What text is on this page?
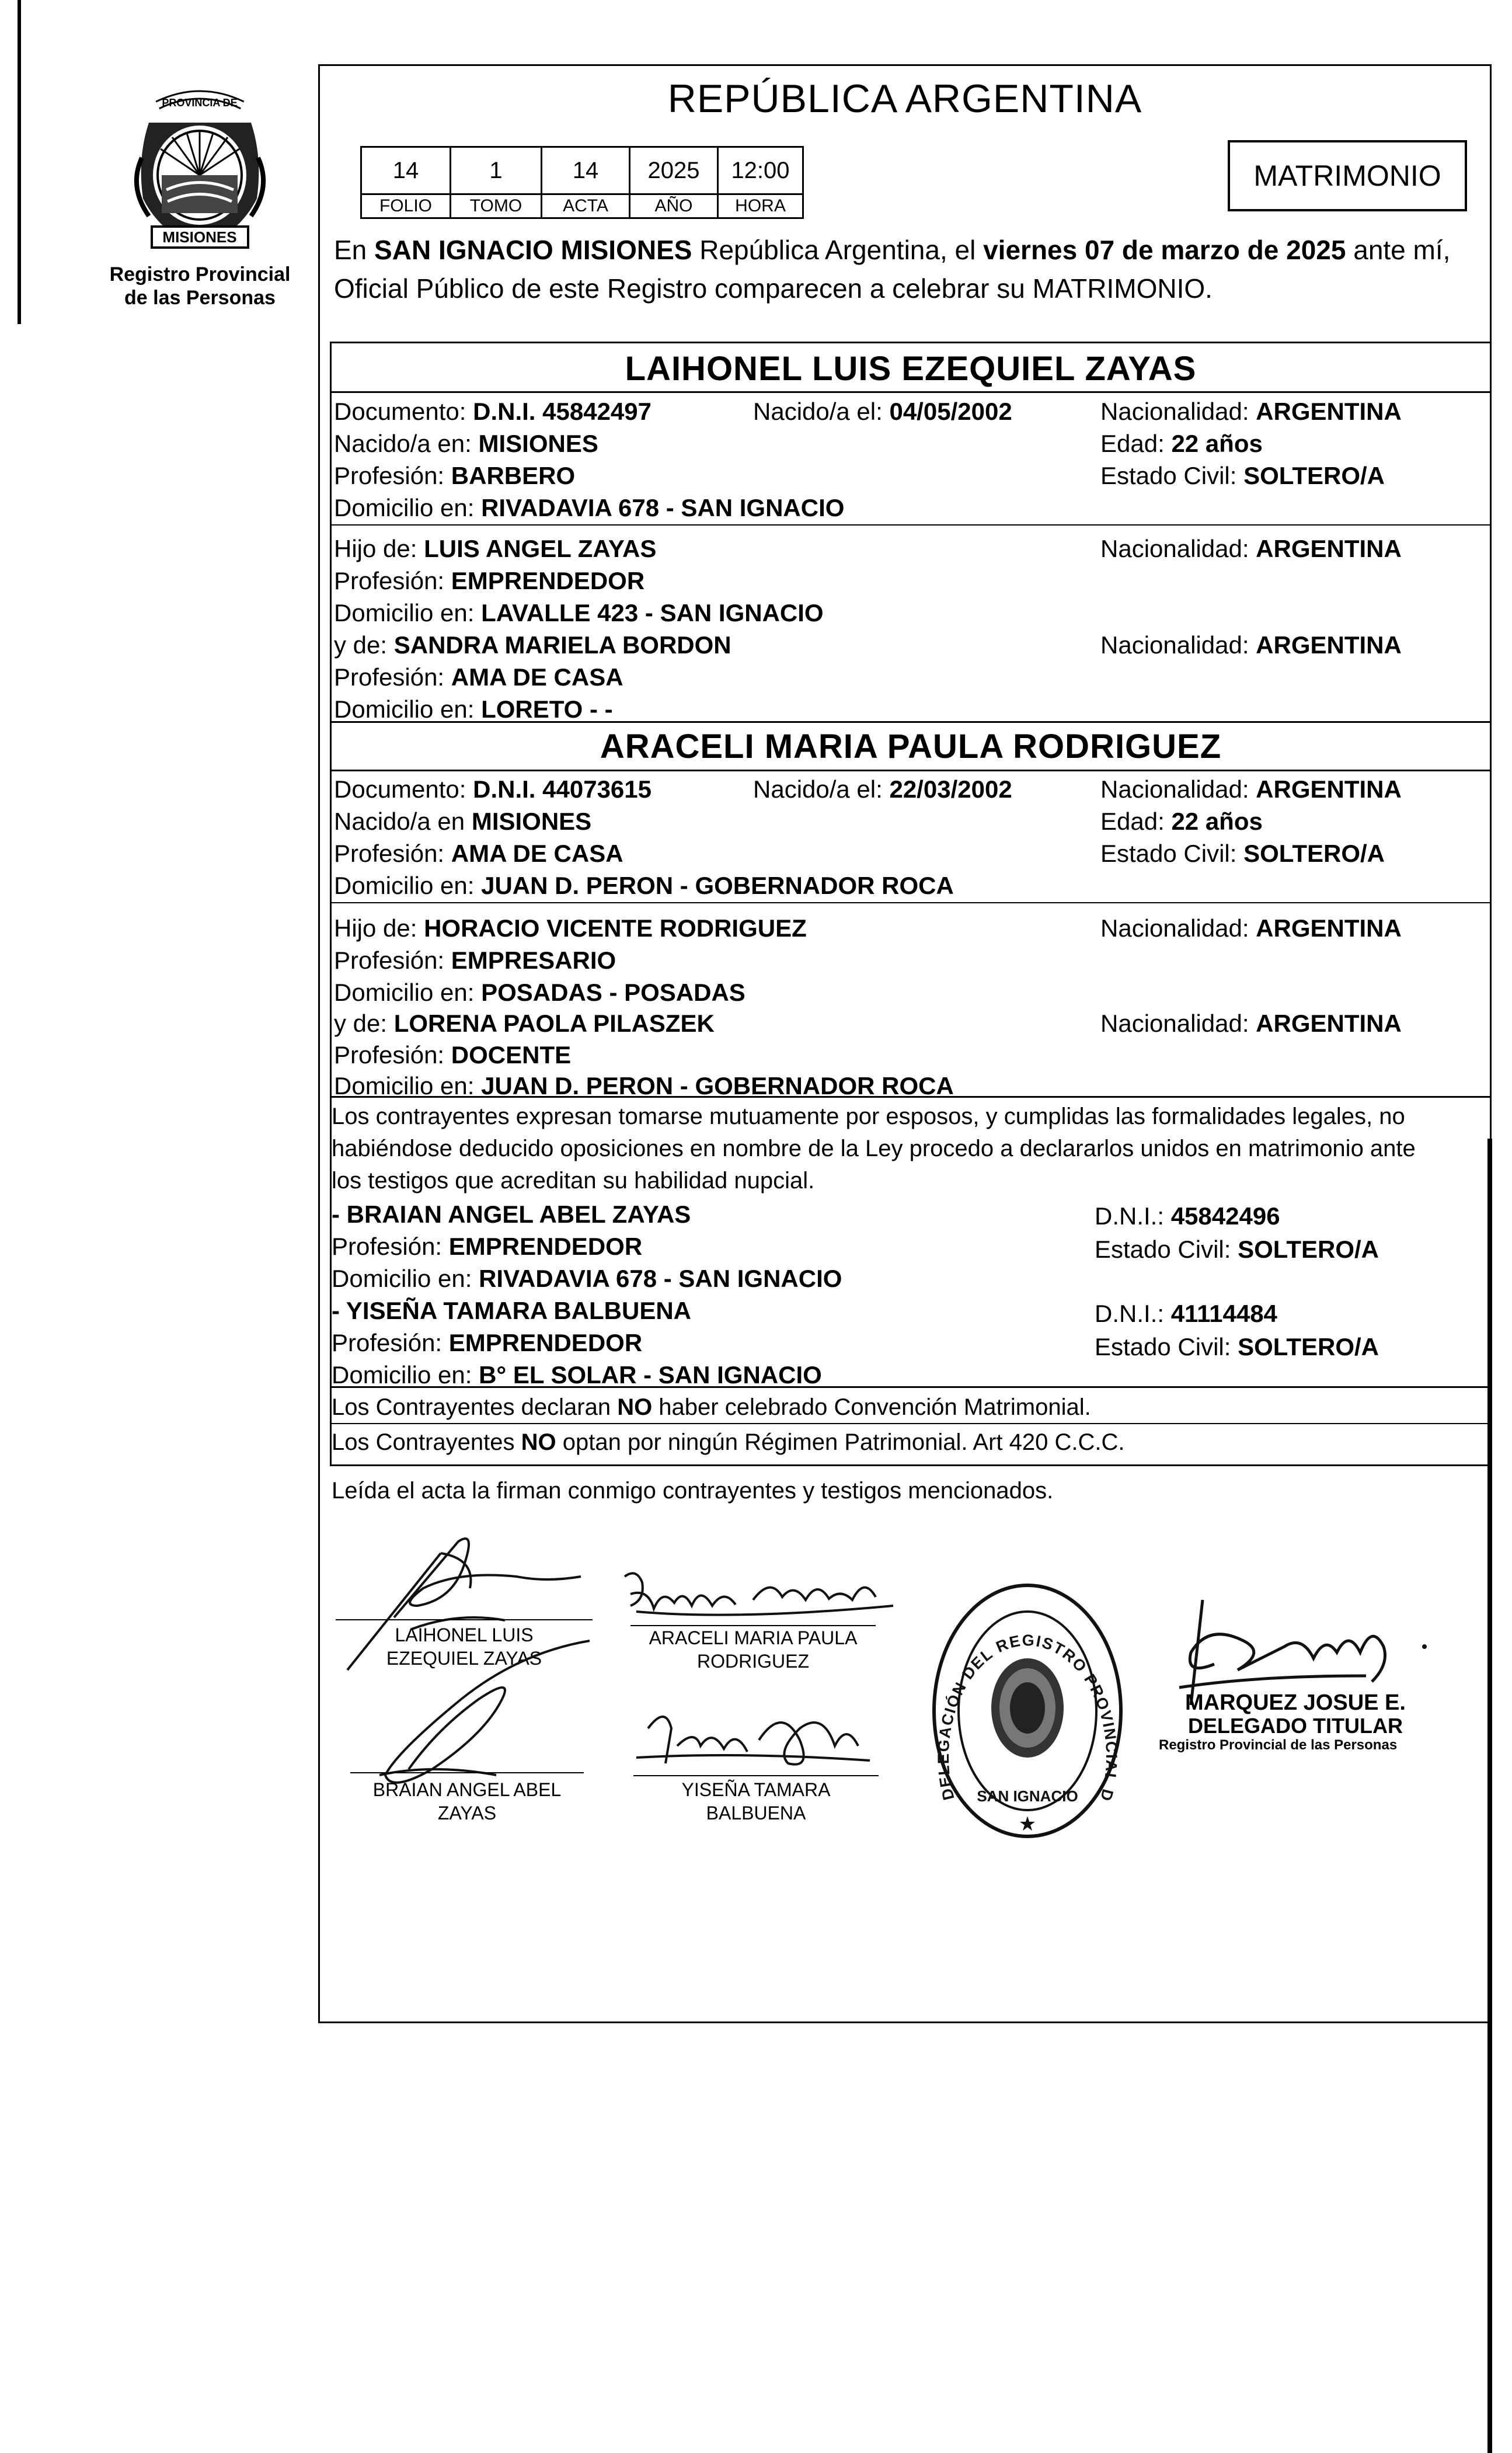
MISIONES
PROVINCIA DE
Registro Provincial
de las Personas
REPÚBLICA ARGENTINA
14	1	14	2025	12:00
FOLIO	TOMO	ACTA	AÑO	HORA
MATRIMONIO
En SAN IGNACIO MISIONES República Argentina, el viernes 07 de marzo de 2025 ante mí,
Oficial Público de este Registro comparecen a celebrar su MATRIMONIO.
LAIHONEL LUIS EZEQUIEL ZAYAS
Documento: D.N.I. 45842497	Nacido/a el: 04/05/2002	Nacionalidad: ARGENTINA
Nacido/a en: MISIONES	Edad: 22 años
Profesión: BARBERO	Estado Civil: SOLTERO/A
Domicilio en: RIVADAVIA 678 - SAN IGNACIO
Hijo de: LUIS ANGEL ZAYAS	Nacionalidad: ARGENTINA
Profesión: EMPRENDEDOR
Domicilio en: LAVALLE 423 - SAN IGNACIO
y de: SANDRA MARIELA BORDON	Nacionalidad: ARGENTINA
Profesión: AMA DE CASA
Domicilio en: LORETO - -
ARACELI MARIA PAULA RODRIGUEZ
Documento: D.N.I. 44073615	Nacido/a el: 22/03/2002	Nacionalidad: ARGENTINA
Nacido/a en MISIONES	Edad: 22 años
Profesión: AMA DE CASA	Estado Civil: SOLTERO/A
Domicilio en: JUAN D. PERON - GOBERNADOR ROCA
Hijo de: HORACIO VICENTE RODRIGUEZ	Nacionalidad: ARGENTINA
Profesión: EMPRESARIO
Domicilio en: POSADAS - POSADAS
y de: LORENA PAOLA PILASZEK	Nacionalidad: ARGENTINA
Profesión: DOCENTE
Domicilio en: JUAN D. PERON - GOBERNADOR ROCA
Los contrayentes expresan tomarse mutuamente por esposos, y cumplidas las formalidades legales, no
habiéndose deducido oposiciones en nombre de la Ley procedo a declararlos unidos en matrimonio ante
los testigos que acreditan su habilidad nupcial.
- BRAIAN ANGEL ABEL ZAYAS	D.N.I.: 45842496
Profesión: EMPRENDEDOR	Estado Civil: SOLTERO/A
Domicilio en: RIVADAVIA 678 - SAN IGNACIO
- YISEÑA TAMARA BALBUENA	D.N.I.: 41114484
Profesión: EMPRENDEDOR	Estado Civil: SOLTERO/A
Domicilio en: B° EL SOLAR - SAN IGNACIO
Los Contrayentes declaran NO haber celebrado Convención Matrimonial.
Los Contrayentes NO optan por ningún Régimen Patrimonial. Art 420 C.C.C.
Leída el acta la firman conmigo contrayentes y testigos mencionados.
LAIHONEL LUIS
EZEQUIEL ZAYAS
ARACELI MARIA PAULA
RODRIGUEZ
BRAIAN ANGEL ABEL
ZAYAS
YISEÑA TAMARA
BALBUENA
DELEGACIÓN DEL REGISTRO PROVINCIAL DE LAS PERSONAS
SAN IGNACIO
★
MARQUEZ JOSUE E.
DELEGADO TITULAR
Registro Provincial de las Personas
